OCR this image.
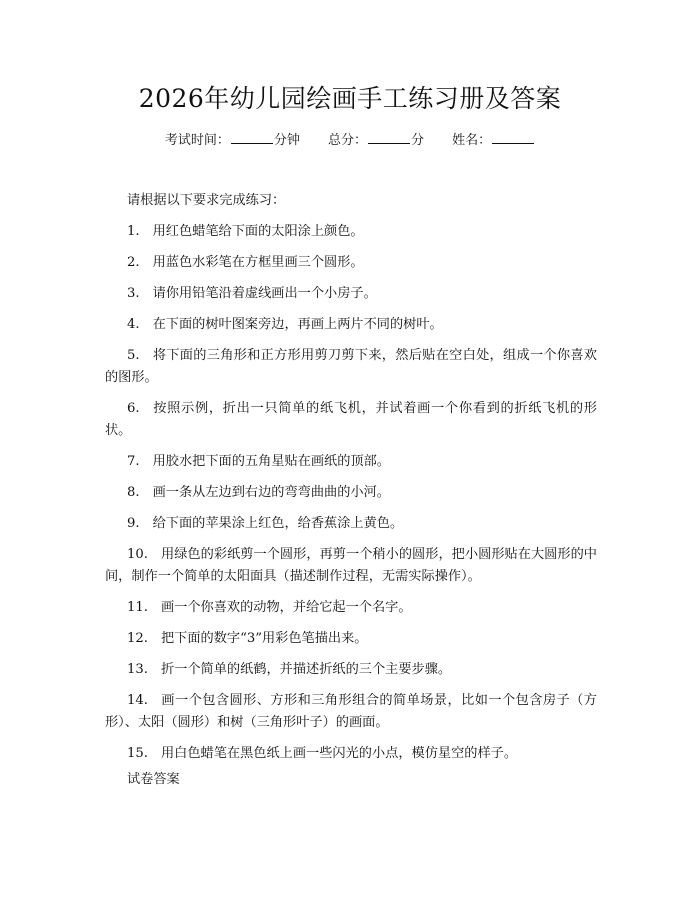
2026年幼儿园绘画手工练习册及答案
考试时间：	分钟 总分：	分 姓名：

请根据以下要求完成练习：

1. 用红色蜡笔给下面的太阳涂上颜色。
2. 用蓝色水彩笔在方框里画三个圆形。
3. 请你用铅笔沿着虚线画出一个小房子。
4. 在下面的树叶图案旁边，再画上两片不同的树叶。
5. 将下面的三角形和正方形用剪刀剪下来，然后贴在空白处，组成一个你喜欢的图形。
6. 按照示例，折出一只简单的纸飞机，并试着画一个你看到的折纸飞机的形状。
7. 用胶水把下面的五角星贴在画纸的顶部。
8. 画一条从左边到右边的弯弯曲曲的小河。
9. 给下面的苹果涂上红色，给香蕉涂上黄色。
10. 用绿色的彩纸剪一个圆形，再剪一个稍小的圆形，把小圆形贴在大圆形的中间，制作一个简单的太阳面具（描述制作过程，无需实际操作）。
11. 画一个你喜欢的动物，并给它起一个名字。
12. 把下面的数字“3”用彩色笔描出来。
13. 折一个简单的纸鹤，并描述折纸的三个主要步骤。
14. 画一个包含圆形、方形和三角形组合的简单场景，比如一个包含房子（方形）、太阳（圆形）和树（三角形叶子）的画面。
15. 用白色蜡笔在黑色纸上画一些闪光的小点，模仿星空的样子。

试卷答案
